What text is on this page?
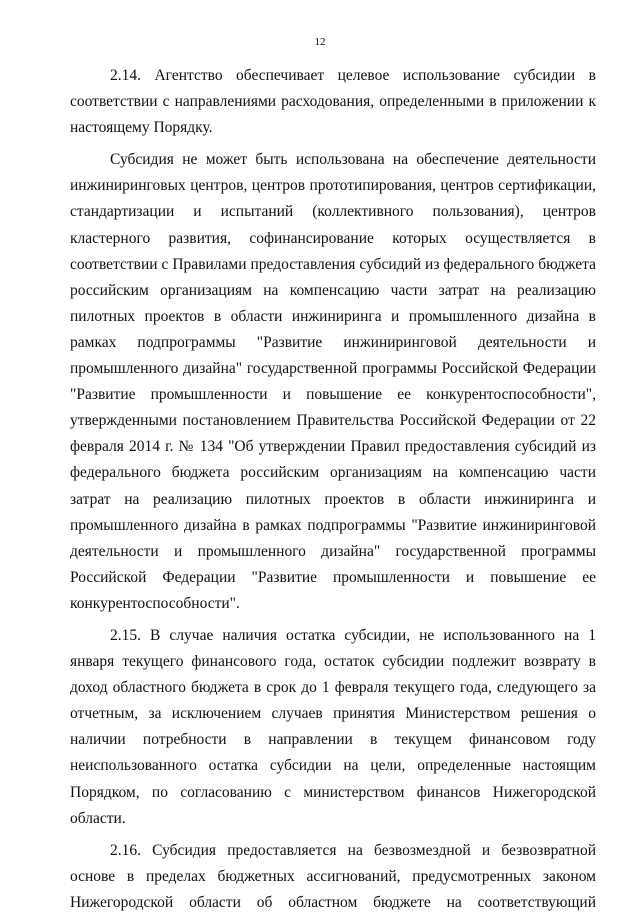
12

2.14. Агентство обеспечивает целевое использование субсидии в соответствии с направлениями расходования, определенными в приложении к настоящему Порядку.

Субсидия не может быть использована на обеспечение деятельности инжиниринговых центров, центров прототипирования, центров сертификации, стандартизации и испытаний (коллективного пользования), центров кластерного развития, софинансирование которых осуществляется в соответствии с Правилами предоставления субсидий из федерального бюджета российским организациям на компенсацию части затрат на реализацию пилотных проектов в области инжиниринга и промышленного дизайна в рамках подпрограммы "Развитие инжиниринговой деятельности и промышленного дизайна" государственной программы Российской Федерации "Развитие промышленности и повышение ее конкурентоспособности", утвержденными постановлением Правительства Российской Федерации от 22 февраля 2014 г. № 134 "Об утверждении Правил предоставления субсидий из федерального бюджета российским организациям на компенсацию части затрат на реализацию пилотных проектов в области инжиниринга и промышленного дизайна в рамках подпрограммы "Развитие инжиниринговой деятельности и промышленного дизайна" государственной программы Российской Федерации "Развитие промышленности и повышение ее конкурентоспособности".

2.15. В случае наличия остатка субсидии, не использованного на 1 января текущего финансового года, остаток субсидии подлежит возврату в доход областного бюджета в срок до 1 февраля текущего года, следующего за отчетным, за исключением случаев принятия Министерством решения о наличии потребности в направлении в текущем финансовом году неиспользованного остатка субсидии на цели, определенные настоящим Порядком, по согласованию с министерством финансов Нижегородской области.

2.16. Субсидия предоставляется на безвозмездной и безвозвратной основе в пределах бюджетных ассигнований, предусмотренных законом Нижегородской области об областном бюджете на соответствующий
